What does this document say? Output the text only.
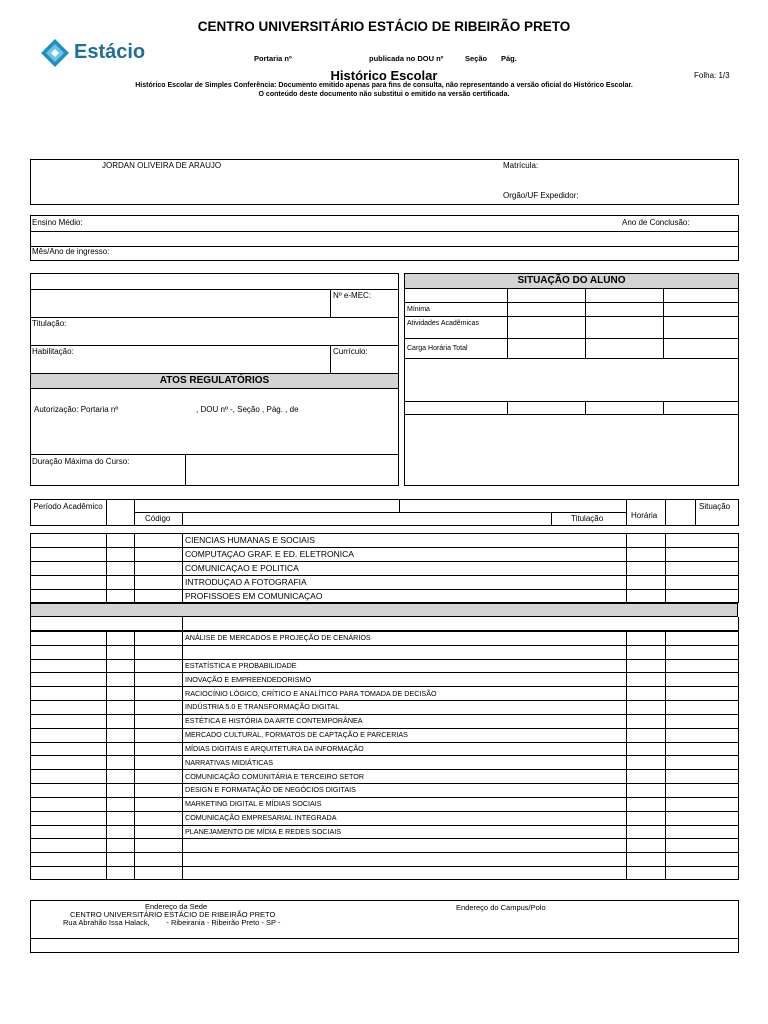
CENTRO UNIVERSITÁRIO ESTÁCIO DE RIBEIRÃO PRETO
Estácio	Portaria nº	publicada no DOU nº	Seção Pág.
Histórico Escolar	Folha: 1/3
Histórico Escolar de Simples Conferência: Documento emitido apenas para fins de consulta, não representando a versão oficial do Histórico Escolar.
O conteúdo deste documento não substitui o emitido na versão certificada.
JORDAN OLIVEIRA DE ARAUJO	Matrícula:
Orgão/UF Expedidor:
Ensino Médio:	Ano de Conclusão:
Mês/Ano de ingresso:
Nº e-MEC:
Titulação:
Habilitação:	Currículo:
ATOS REGULATÓRIOS
Autorização: Portaria nº	, DOU nº -, Seção , Pág. , de
Duração Máxima do Curso:
SITUAÇÃO DO ALUNO
Mínima
Atividades Acadêmicas
Carga Horária Total
Período Acadêmico
Código	Titulação	Horária
Situação
CIENCIAS HUMANAS E SOCIAIS
COMPUTAÇAO GRAF. E ED. ELETRONICA
COMUNICAÇAO E POLITICA
INTRODUÇAO A FOTOGRAFIA
PROFISSOES EM COMUNICAÇAO
ANÁLISE DE MERCADOS E PROJEÇÃO DE CENÁRIOS
ESTATÍSTICA E PROBABILIDADE
INOVAÇÃO E EMPREENDEDORISMO
RACIOCÍNIO LÓGICO, CRÍTICO E ANALÍTICO PARA TOMADA DE DECISÃO
INDÚSTRIA 5.0 E TRANSFORMAÇÃO DIGITAL
ESTÉTICA E HISTÓRIA DA ARTE CONTEMPORÂNEA
MERCADO CULTURAL, FORMATOS DE CAPTAÇÃO E PARCERIAS
MÍDIAS DIGITAIS E ARQUITETURA DA INFORMAÇÃO
NARRATIVAS MIDIÁTICAS
COMUNICAÇÃO COMUNITÁRIA E TERCEIRO SETOR
DESIGN E FORMATAÇÃO DE NEGÓCIOS DIGITAIS
MARKETING DIGITAL E MÍDIAS SOCIAIS
COMUNICAÇÃO EMPRESARIAL INTEGRADA
PLANEJAMENTO DE MÍDIA E REDES SOCIAIS
Endereço da Sede
CENTRO UNIVERSITÁRIO ESTÁCIO DE RIBEIRÃO PRETO
Rua Abrahão Issa Halack,        - Ribeirania - Ribeirão Preto - SP -
Endereço do Campus/Polo
